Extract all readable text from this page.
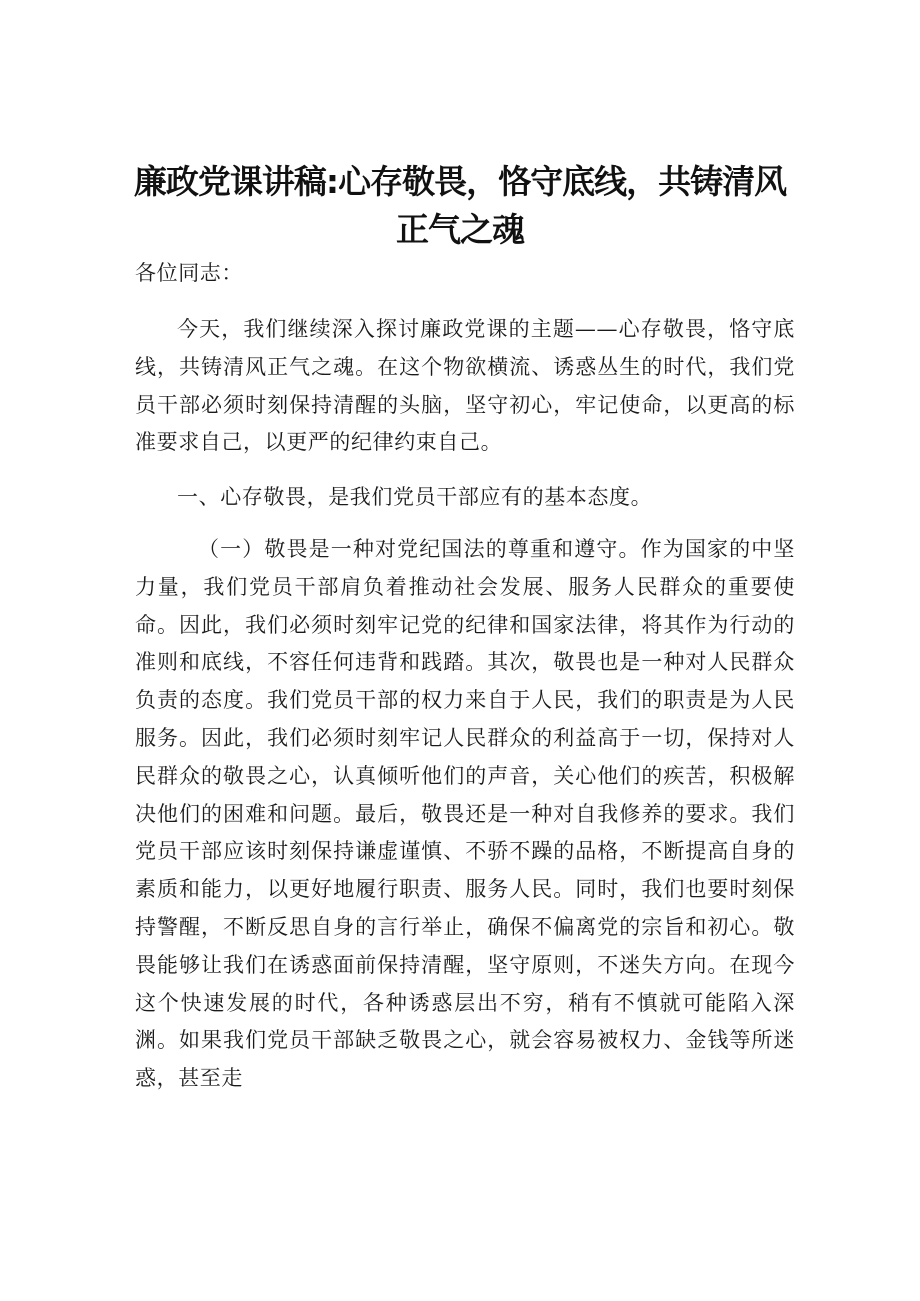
廉政党课讲稿:心存敬畏，恪守底线，共铸清风正气之魂

各位同志：

今天，我们继续深入探讨廉政党课的主题——心存敬畏，恪守底线，共铸清风正气之魂。在这个物欲横流、诱惑丛生的时代，我们党员干部必须时刻保持清醒的头脑，坚守初心，牢记使命，以更高的标准要求自己，以更严的纪律约束自己。

一、心存敬畏，是我们党员干部应有的基本态度。

（一）敬畏是一种对党纪国法的尊重和遵守。作为国家的中坚力量，我们党员干部肩负着推动社会发展、服务人民群众的重要使命。因此，我们必须时刻牢记党的纪律和国家法律，将其作为行动的准则和底线，不容任何违背和践踏。其次，敬畏也是一种对人民群众负责的态度。我们党员干部的权力来自于人民，我们的职责是为人民服务。因此，我们必须时刻牢记人民群众的利益高于一切，保持对人民群众的敬畏之心，认真倾听他们的声音，关心他们的疾苦，积极解决他们的困难和问题。最后，敬畏还是一种对自我修养的要求。我们党员干部应该时刻保持谦虚谨慎、不骄不躁的品格，不断提高自身的素质和能力，以更好地履行职责、服务人民。同时，我们也要时刻保持警醒，不断反思自身的言行举止，确保不偏离党的宗旨和初心。敬畏能够让我们在诱惑面前保持清醒，坚守原则，不迷失方向。在现今这个快速发展的时代，各种诱惑层出不穷，稍有不慎就可能陷入深渊。如果我们党员干部缺乏敬畏之心，就会容易被权力、金钱等所迷惑，甚至走
